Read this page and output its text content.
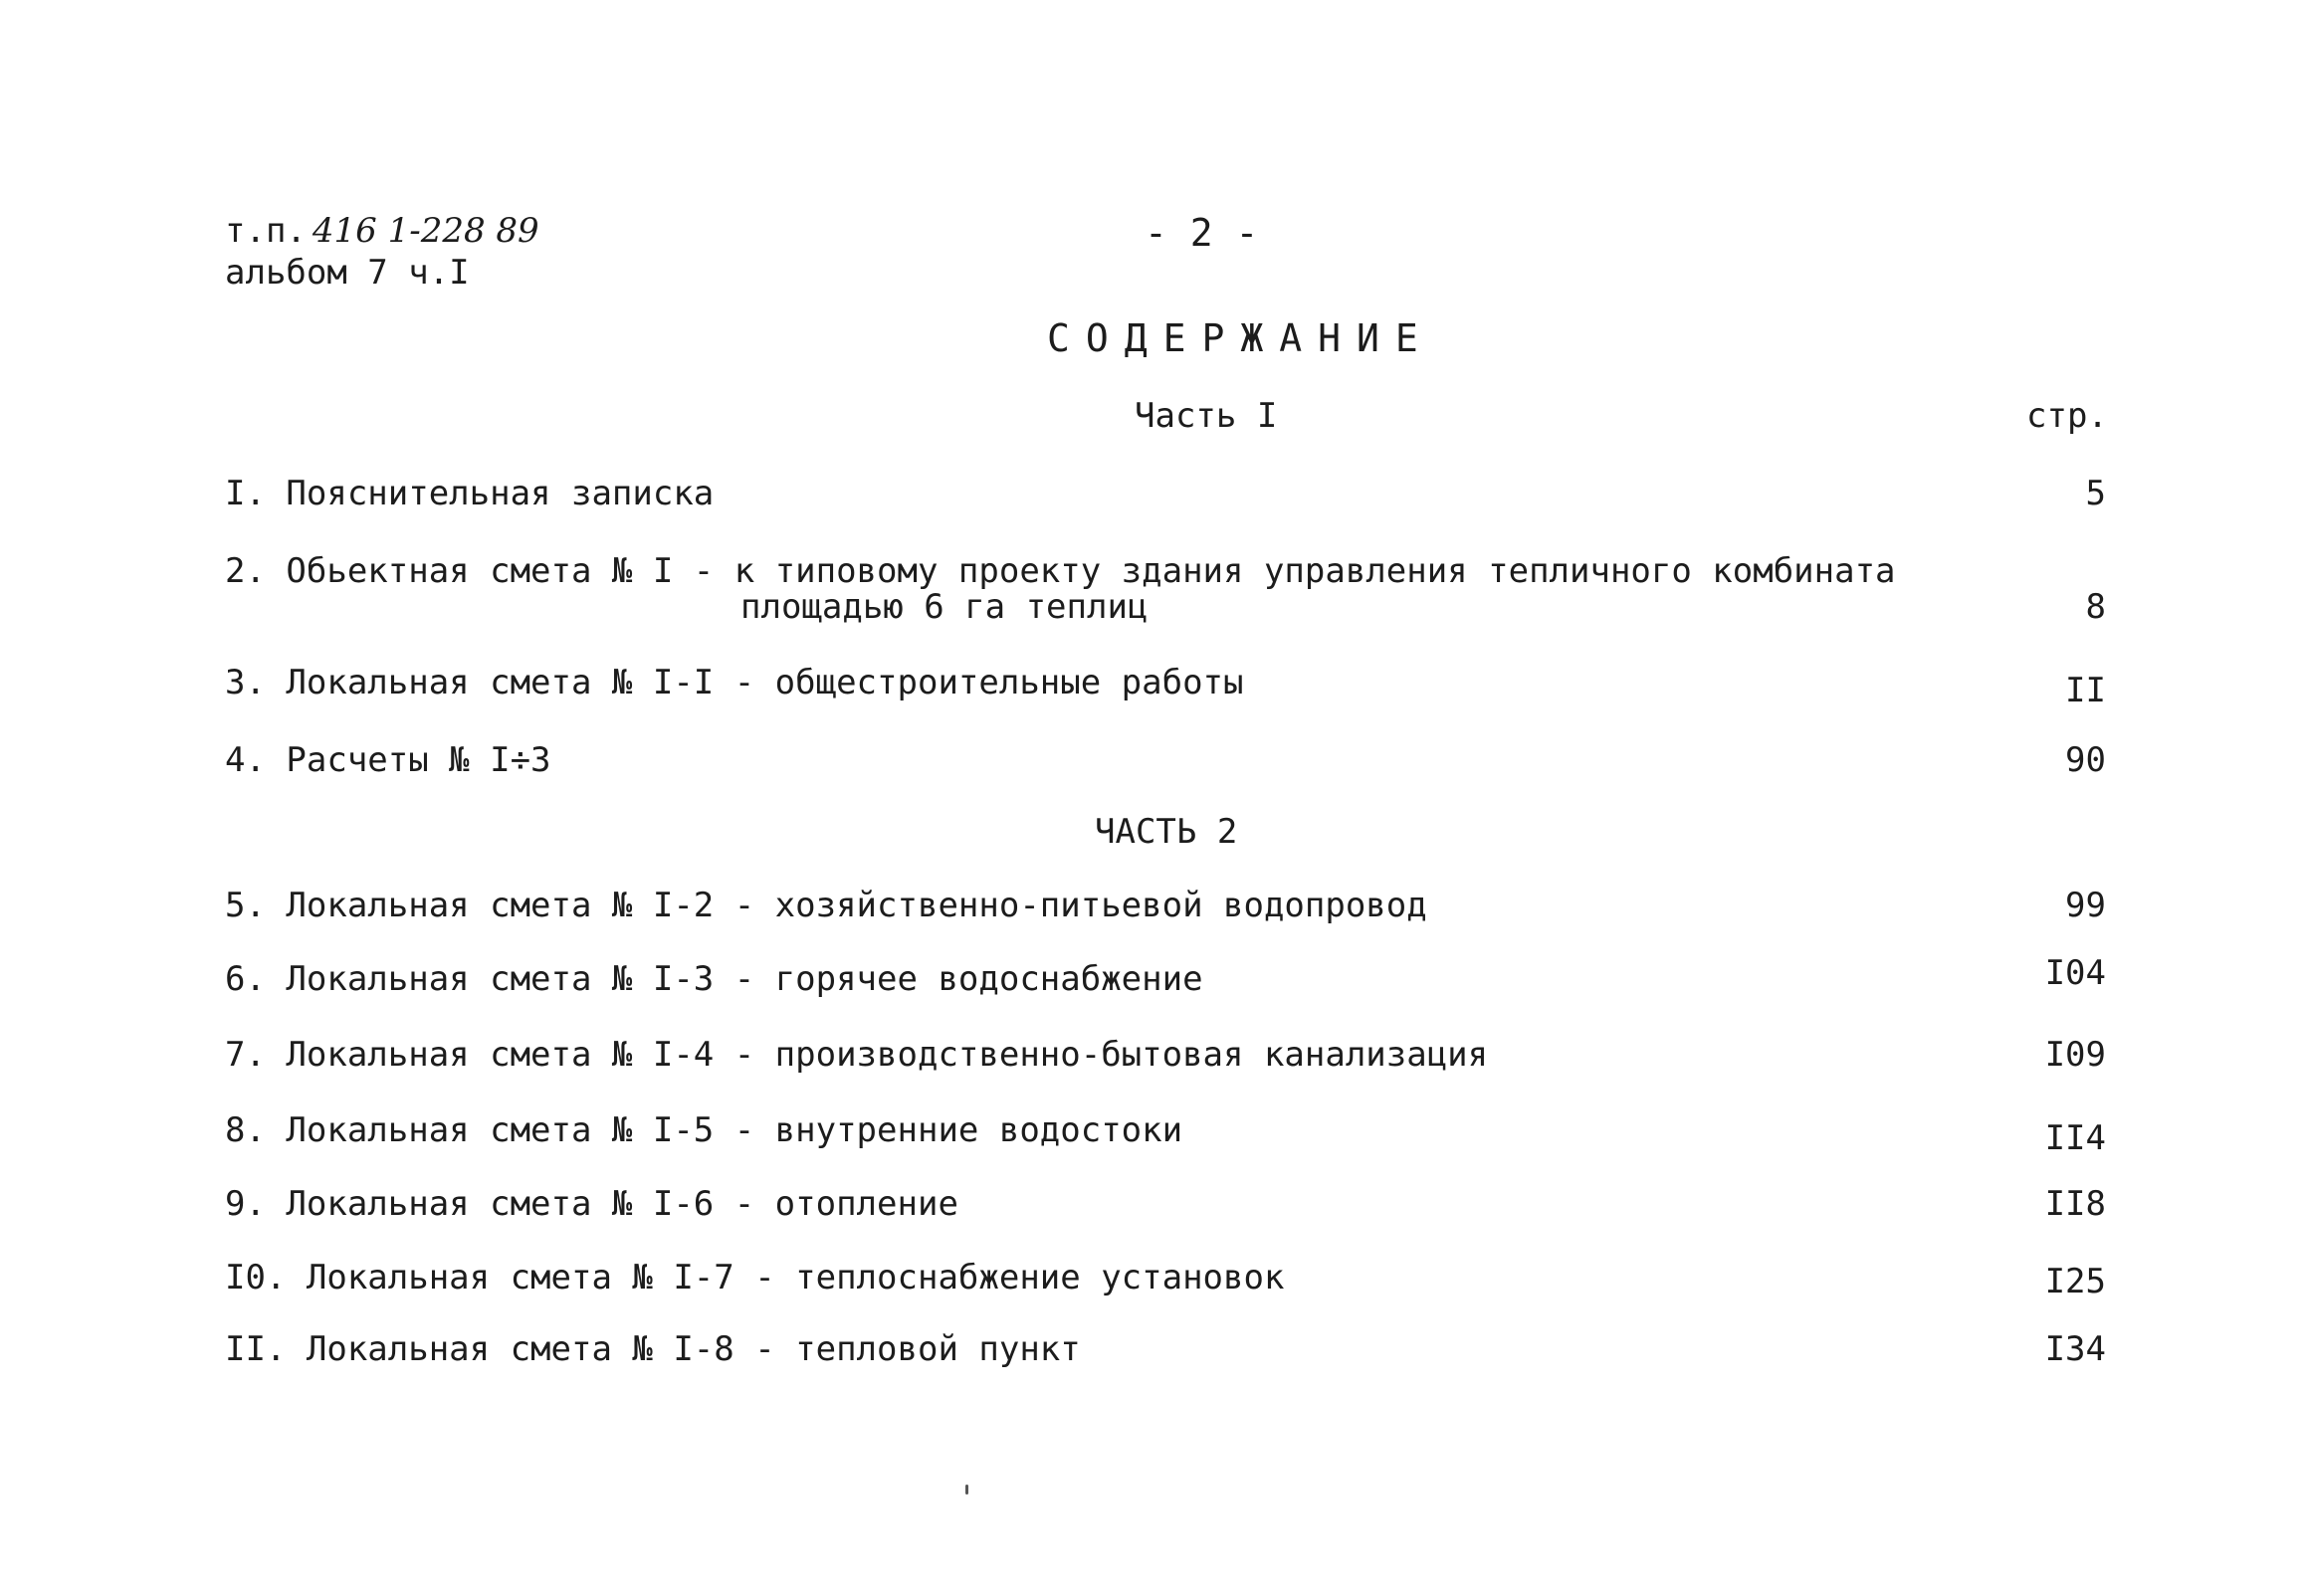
т.п. 416 1-228 89
альбом 7 ч.I
- 2 -
СОДЕРЖАНИЕ
Часть I	стр.
I. Пояснительная записка	5
2. Обьектная смета № I - к типовому проекту здания управления тепличного комбината
площадью 6 га теплиц	8
3. Локальная смета № I-I - общестроительные работы	II
4. Расчеты № I÷3	90
ЧАСТЬ 2
5. Локальная смета № I-2 - хозяйственно-питьевой водопровод	99
6. Локальная смета № I-3 - горячее водоснабжение	I04
7. Локальная смета № I-4 - производственно-бытовая канализация	I09
8. Локальная смета № I-5 - внутренние водостоки	II4
9. Локальная смета № I-6 - отопление	II8
I0. Локальная смета № I-7 - теплоснабжение установок	I25
II. Локальная смета № I-8 - тепловой пункт	I34
